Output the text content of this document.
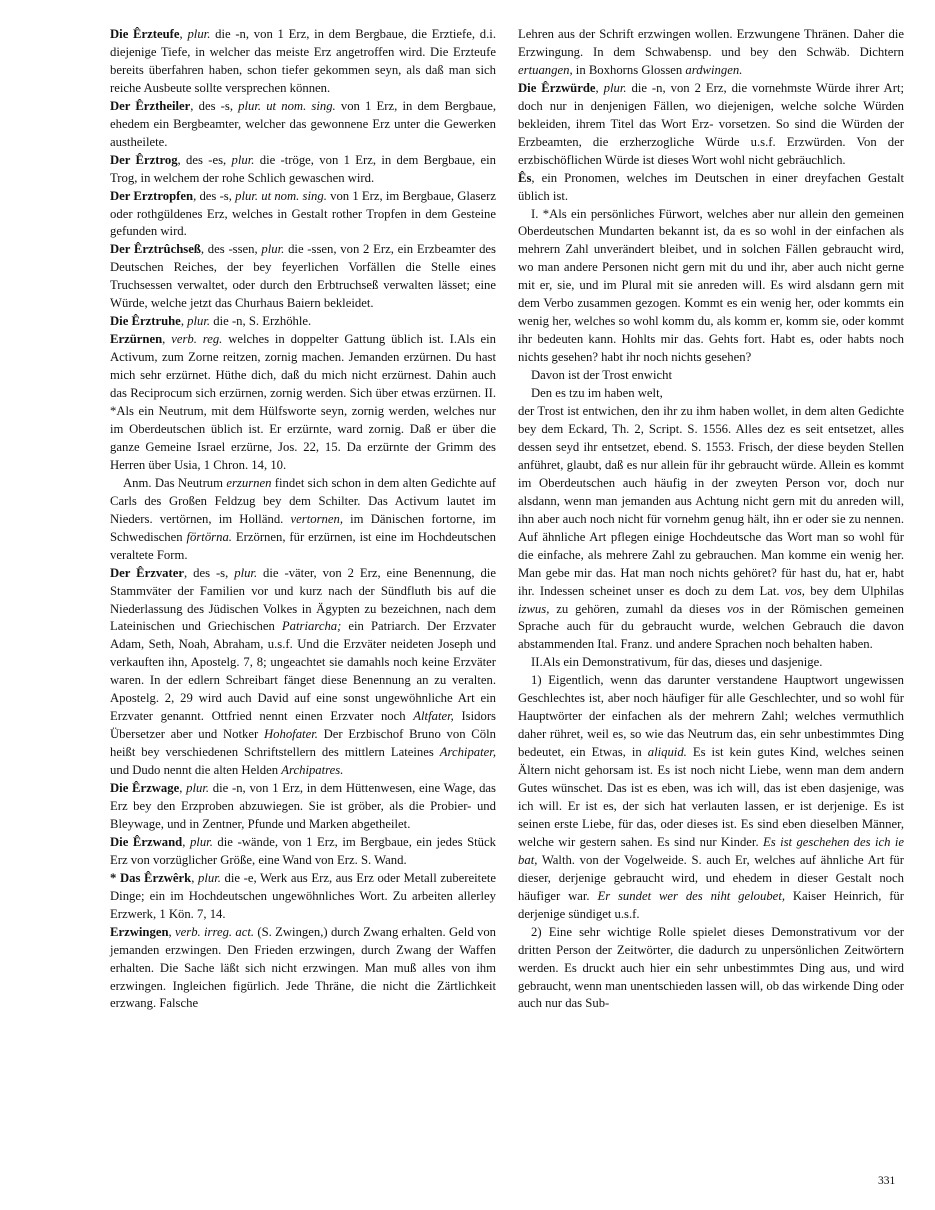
Die Êrzteufe, plur. die -n, von 1 Erz, in dem Bergbaue, die Erztiefe, d.i. diejenige Tiefe, in welcher das meiste Erz angetroffen wird. Die Erzteufe bereits überfahren haben, schon tiefer gekommen seyn, als daß man sich reiche Ausbeute sollte versprechen können.

Der Êrztheiler, des -s, plur. ut nom. sing. von 1 Erz, in dem Bergbaue, ehedem ein Bergbeamter, welcher das gewonnene Erz unter die Gewerken austheilete.

Der Êrztrog, des -es, plur. die -tröge, von 1 Erz, in dem Bergbaue, ein Trog, in welchem der rohe Schlich gewaschen wird.

Der Erztropfen, des -s, plur. ut nom. sing. von 1 Erz, im Bergbaue, Glaserz oder rothgüldenes Erz, welches in Gestalt rother Tropfen in dem Gesteine gefunden wird.

Der Êrztrûchseß, des -ssen, plur. die -ssen, von 2 Erz, ein Erzbeamter des Deutschen Reiches, der bey feyerlichen Vorfällen die Stelle eines Truchsessen verwaltet, oder durch den Erbtruchseß verwalten lässet; eine Würde, welche jetzt das Churhaus Baiern bekleidet.

Die Êrztruhe, plur. die -n, S. Erzhöhle.

Erzürnen, verb. reg. welches in doppelter Gattung üblich ist. I.Als ein Activum, zum Zorne reitzen, zornig machen. Jemanden erzürnen. Du hast mich sehr erzürnet. Hüthe dich, daß du mich nicht erzürnest. Dahin auch das Reciprocum sich erzürnen, zornig werden. Sich über etwas erzürnen. II. *Als ein Neutrum, mit dem Hülfsworte seyn, zornig werden, welches nur im Oberdeutschen üblich ist. Er erzürnte, ward zornig. Daß er über die ganze Gemeine Israel erzürne, Jos. 22, 15. Da erzürnte der Grimm des Herren über Usia, 1 Chron. 14, 10.

Anm. Das Neutrum erzurnen findet sich schon in dem alten Gedichte auf Carls des Großen Feldzug bey dem Schilter. Das Activum lautet im Nieders. vertörnen, im Holländ. vertornen, im Dänischen fortorne, im Schwedischen förtörna. Erzörnen, für erzürnen, ist eine im Hochdeutschen veraltete Form.

Der Êrzvater, des -s, plur. die -väter, von 2 Erz, eine Benennung, die Stammväter der Familien vor und kurz nach der Sündfluth bis auf die Niederlassung des Jüdischen Volkes in Ägypten zu bezeichnen, nach dem Lateinischen und Griechischen Patriarcha; ein Patriarch. Der Erzvater Adam, Seth, Noah, Abraham, u.s.f. Und die Erzväter neideten Joseph und verkauften ihn, Apostelg. 7, 8; ungeachtet sie damahls noch keine Erzväter waren. In der edlern Schreibart fänget diese Benennung an zu veralten. Apostelg. 2, 29 wird auch David auf eine sonst ungewöhnliche Art ein Erzvater genannt. Ottfried nennt einen Erzvater noch Altfater, Isidors Übersetzer aber und Notker Hohofater. Der Erzbischof Bruno von Cöln heißt bey verschiedenen Schriftstellern des mittlern Lateines Archipater, und Dudo nennt die alten Helden Archipatres.

Die Êrzwage, plur. die -n, von 1 Erz, in dem Hüttenwesen, eine Wage, das Erz bey den Erzproben abzuwiegen. Sie ist gröber, als die Probier- und Bleywage, und in Zentner, Pfunde und Marken abgetheilet.

Die Êrzwand, plur. die -wände, von 1 Erz, im Bergbaue, ein jedes Stück Erz von vorzüglicher Größe, eine Wand von Erz. S. Wand.

* Das Êrzwêrk, plur. die -e, Werk aus Erz, aus Erz oder Metall zubereitete Dinge; ein im Hochdeutschen ungewöhnliches Wort. Zu arbeiten allerley Erzwerk, 1 Kön. 7, 14.

Erzwingen, verb. irreg. act. (S. Zwingen,) durch Zwang erhalten. Geld von jemanden erzwingen. Den Frieden erzwingen, durch Zwang der Waffen erhalten. Die Sache läßt sich nicht erzwingen. Man muß alles von ihm erzwingen. Ingleichen figürlich. Jede Thräne, die nicht die Zärtlichkeit erzwang. Falsche

Lehren aus der Schrift erzwingen wollen. Erzwungene Thränen. Daher die Erzwingung. In dem Schwabensp. und bey den Schwäb. Dichtern ertuangen, in Boxhorns Glossen ardwingen.

Die Êrzwürde, plur. die -n, von 2 Erz, die vornehmste Würde ihrer Art; doch nur in denjenigen Fällen, wo diejenigen, welche solche Würden bekleiden, ihrem Titel das Wort Erz- vorsetzen. So sind die Würden der Erzbeamten, die erzherzogliche Würde u.s.f. Erzwürden. Von der erzbischöflichen Würde ist dieses Wort wohl nicht gebräuchlich.

Ês, ein Pronomen, welches im Deutschen in einer dreyfachen Gestalt üblich ist.

I. *Als ein persönliches Fürwort, welches aber nur allein den gemeinen Oberdeutschen Mundarten bekannt ist, da es so wohl in der einfachen als mehrern Zahl unverändert bleibet, und in solchen Fällen gebraucht wird, wo man andere Personen nicht gern mit du und ihr, aber auch nicht gerne mit er, sie, und im Plural mit sie anreden will. Es wird alsdann gern mit dem Verbo zusammen gezogen. Kommt es ein wenig her, oder kommts ein wenig her, welches so wohl komm du, als komm er, komm sie, oder kommt ihr bedeuten kann. Hohlts mir das. Gehts fort. Habt es, oder habts noch nichts gesehen? habt ihr noch nichts gesehen?

Davon ist der Trost enwicht

Den es tzu im haben welt,

der Trost ist entwichen, den ihr zu ihm haben wollet, in dem alten Gedichte bey dem Eckard, Th. 2, Script. S. 1556. Alles dez es seit entsetzet, alles dessen seyd ihr entsetzet, ebend. S. 1553. Frisch, der diese beyden Stellen anführet, glaubt, daß es nur allein für ihr gebraucht würde. Allein es kommt im Oberdeutschen auch häufig in der zweyten Person vor, doch nur alsdann, wenn man jemanden aus Achtung nicht gern mit du anreden will, ihn aber auch noch nicht für vornehm genug hält, ihn er oder sie zu nennen. Auf ähnliche Art pflegen einige Hochdeutsche das Wort man so wohl für die einfache, als mehrere Zahl zu gebrauchen. Man komme ein wenig her. Man gebe mir das. Hat man noch nichts gehöret? für hast du, hat er, habt ihr. Indessen scheinet unser es doch zu dem Lat. vos, bey dem Ulphilas izwus, zu gehören, zumahl da dieses vos in der Römischen gemeinen Sprache auch für du gebraucht wurde, welchen Gebrauch die davon abstammenden Ital. Franz. und andere Sprachen noch behalten haben.

II.Als ein Demonstrativum, für das, dieses und dasjenige.

1) Eigentlich, wenn das darunter verstandene Hauptwort ungewissen Geschlechtes ist, aber noch häufiger für alle Geschlechter, und so wohl für Hauptwörter der einfachen als der mehrern Zahl; welches vermuthlich daher rühret, weil es, so wie das Neutrum das, ein sehr unbestimmtes Ding bedeutet, ein Etwas, in aliquid. Es ist kein gutes Kind, welches seinen Ältern nicht gehorsam ist. Es ist noch nicht Liebe, wenn man dem andern Gutes wünschet. Das ist es eben, was ich will, das ist eben dasjenige, was ich will. Er ist es, der sich hat verlauten lassen, er ist derjenige. Es ist seinen erste Liebe, für das, oder dieses ist. Es sind eben dieselben Männer, welche wir gestern sahen. Es sind nur Kinder. Es ist geschehen des ich ie bat, Walth. von der Vogelweide. S. auch Er, welches auf ähnliche Art für dieser, derjenige gebraucht wird, und ehedem in dieser Gestalt noch häufiger war. Er sundet wer des niht geloubet, Kaiser Heinrich, für derjenige sündiget u.s.f.

2) Eine sehr wichtige Rolle spielet dieses Demonstrativum vor der dritten Person der Zeitwörter, die dadurch zu unpersönlichen Zeitwörtern werden. Es druckt auch hier ein sehr unbestimmtes Ding aus, und wird gebraucht, wenn man unentschieden lassen will, ob das wirkende Ding oder auch nur das Sub-

331
